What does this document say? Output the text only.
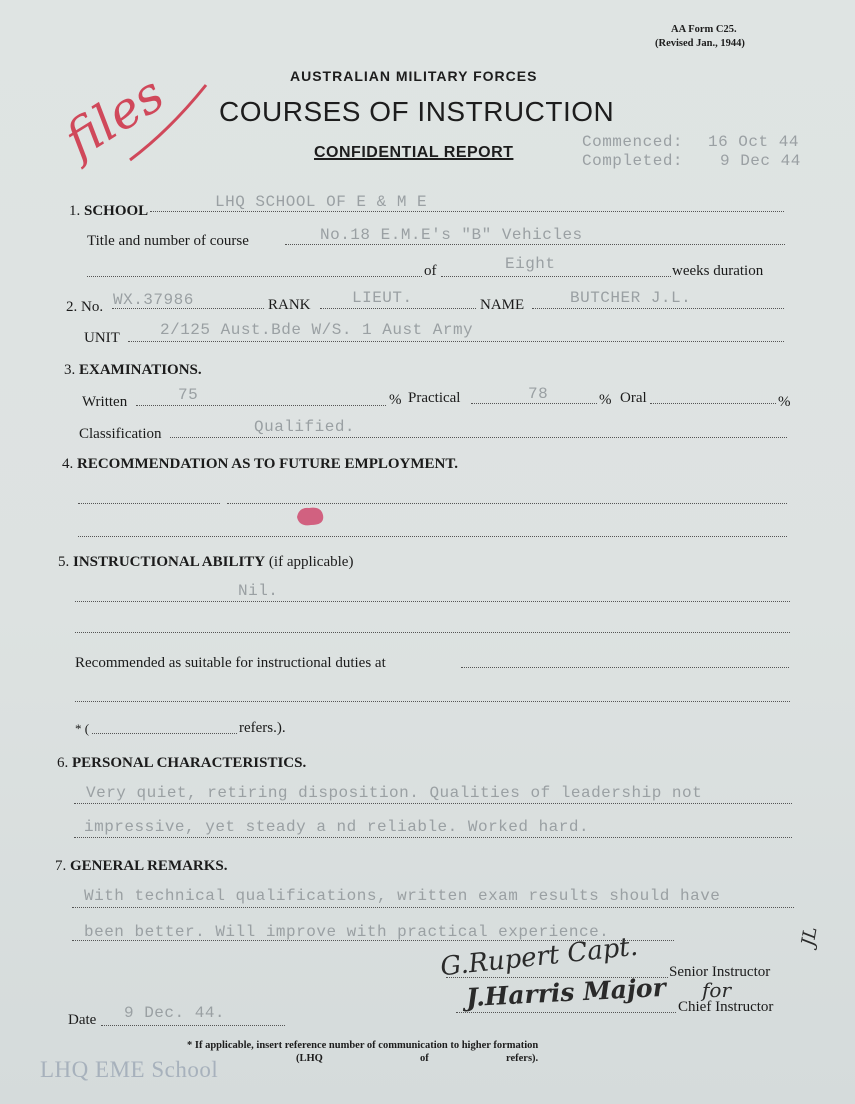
AA Form C25.
(Revised Jan., 1944)
files	AUSTRALIAN MILITARY FORCES
COURSES OF INSTRUCTION
CONFIDENTIAL REPORT
Commenced: 16 Oct 44
Completed: 9 Dec 44
1. SCHOOL	LHQ SCHOOL OF E & M E
Title and number of course	No.18 E.M.E's "B" Vehicles
of	Eight	weeks duration
2. No. WX.37986	RANK	LIEUT.	NAME	BUTCHER J.L.
UNIT	2/125 Aust.Bde W/S. 1 Aust Army
3. EXAMINATIONS.
Written	75	% Practical	78	% Oral	%
Classification	Qualified.
4. RECOMMENDATION AS TO FUTURE EMPLOYMENT.
5. INSTRUCTIONAL ABILITY (if applicable)
Nil.
Recommended as suitable for instructional duties at
* (	refers.).
6. PERSONAL CHARACTERISTICS.
Very quiet, retiring disposition. Qualities of leadership not
impressive, yet steady a nd reliable. Worked hard.
7. GENERAL REMARKS.
With technical qualifications, written exam results should have
been better. Will improve with practical experience.
G.Rupert Capt. Senior Instructor
JL
J.Harris Major Chief Instructor
for
Date 9 Dec. 44.
* If applicable, insert reference number of communication to higher formation
(LHQ	of	refers).
LHQ EME School
